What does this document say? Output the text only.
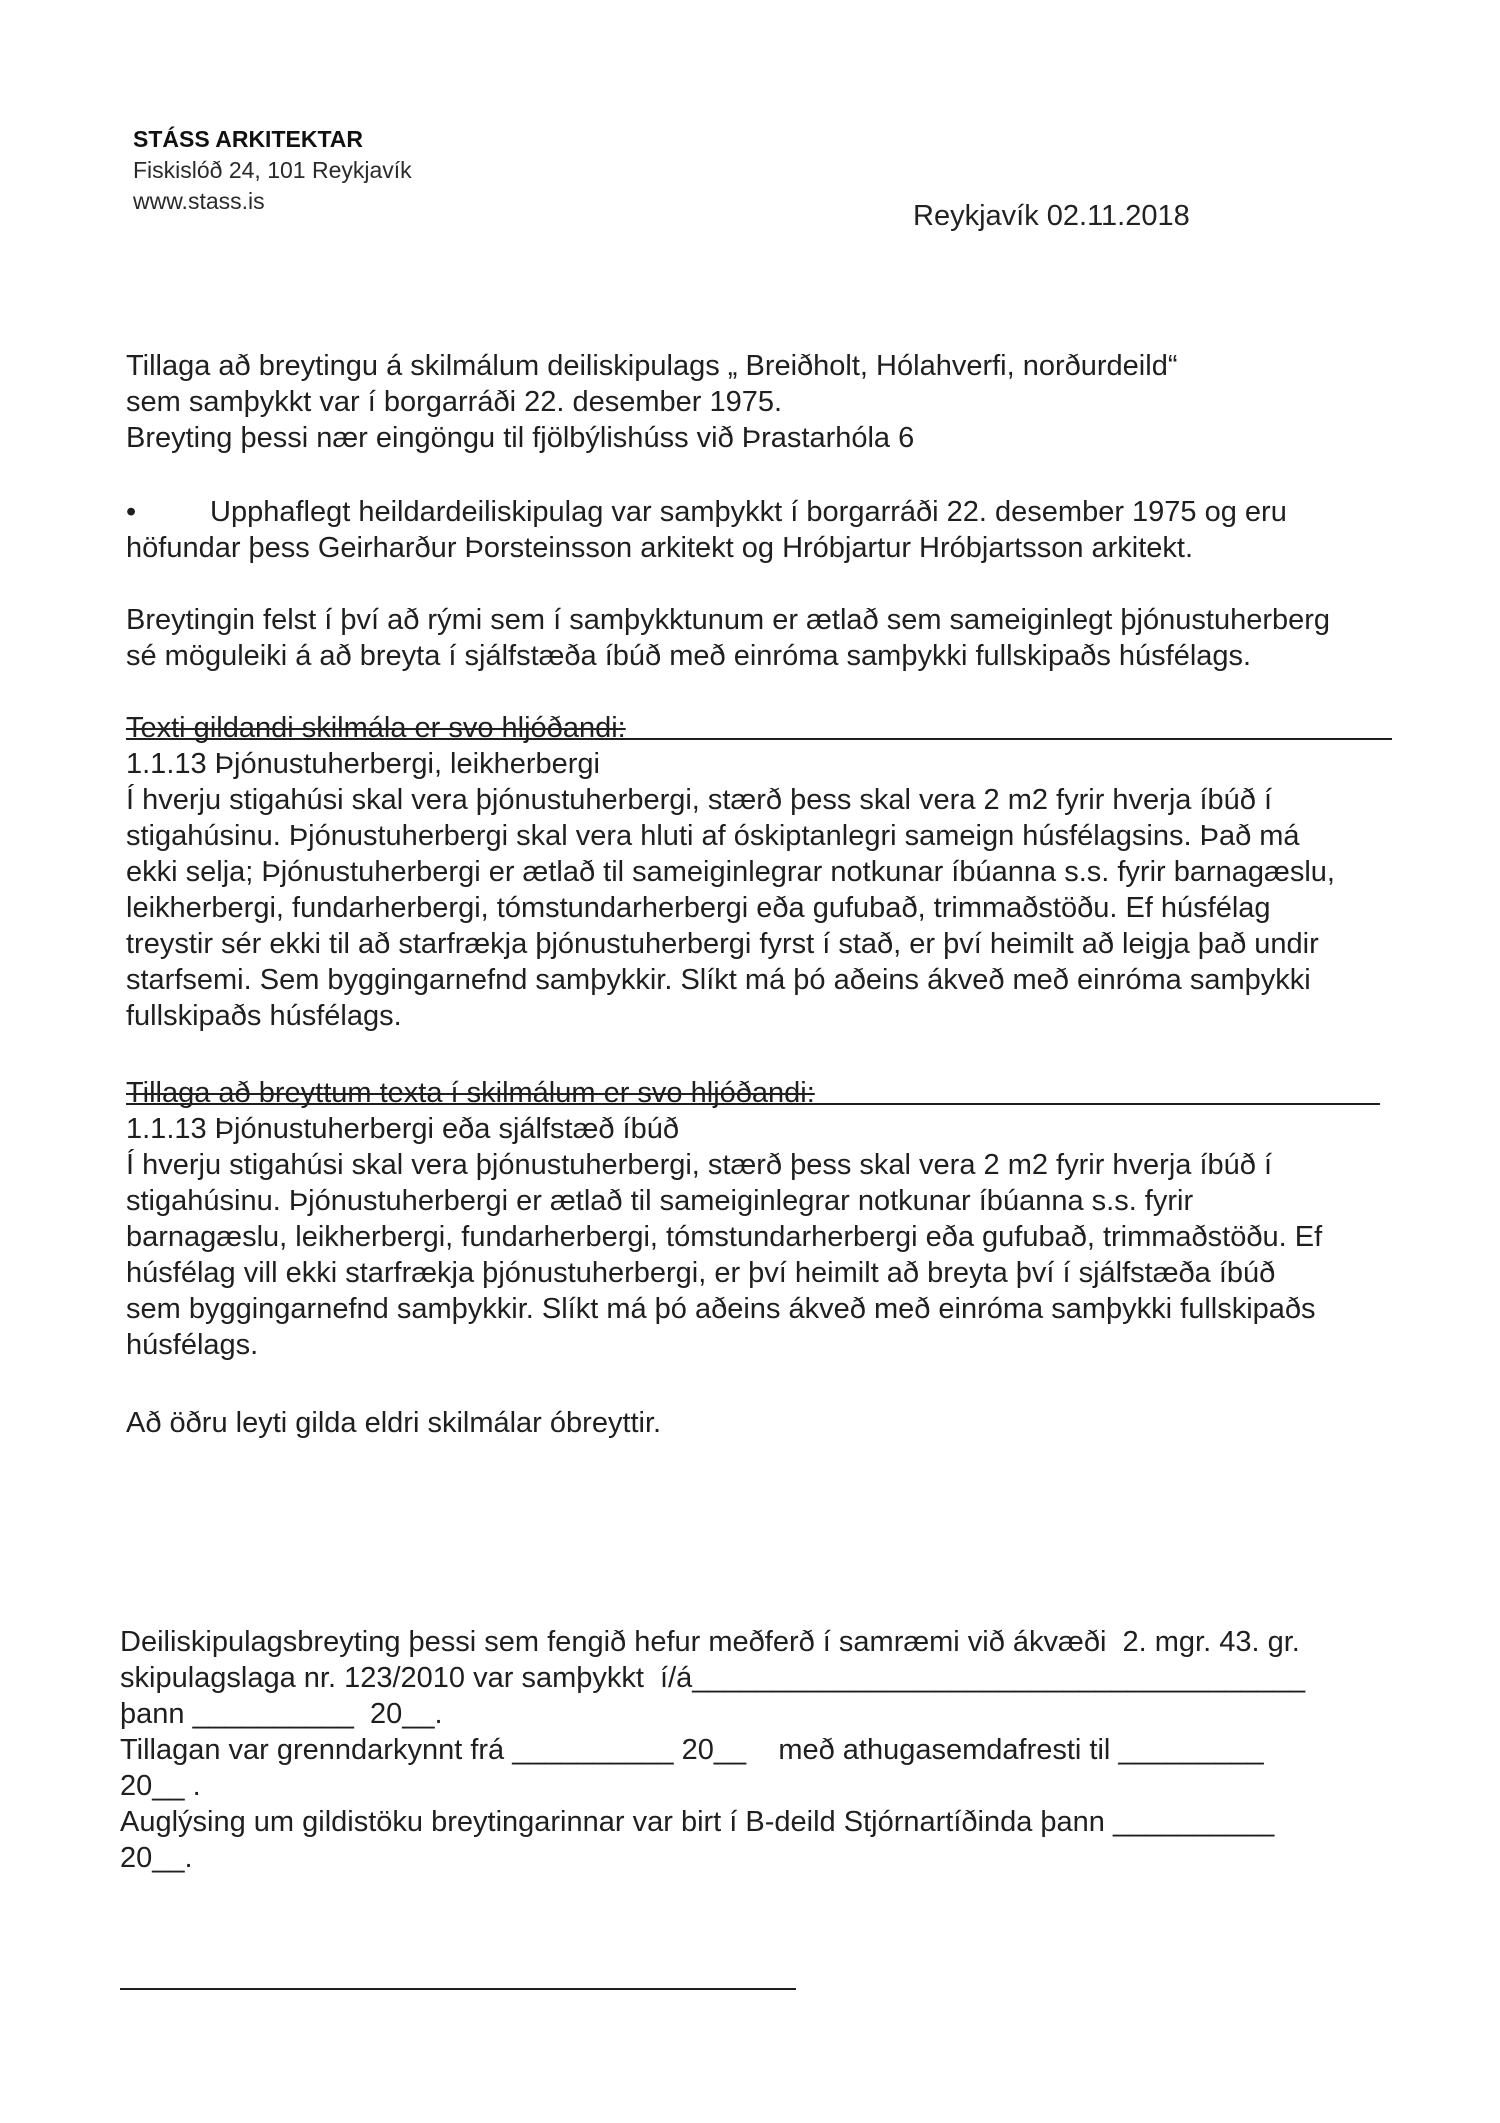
STÁSS ARKITEKTAR
Fiskislóð 24, 101 Reykjavík
www.stass.is	Reykjavík 02.11.2018

Tillaga að breytingu á skilmálum deiliskipulags „ Breiðholt, Hólahverfi, norðurdeild“

sem samþykkt var í borgarráði 22. desember 1975.

Breyting þessi nær eingöngu til fjölbýlishúss við Þrastarhóla 6

•	Upphaflegt heildardeiliskipulag var samþykkt í borgarráði 22. desember 1975 og eru

höfundar þess Geirharður Þorsteinsson arkitekt og Hróbjartur Hróbjartsson arkitekt.

Breytingin felst í því að rými sem í samþykktunum er ætlað sem sameiginlegt þjónustuherberg

sé möguleiki á að breyta í sjálfstæða íbúð með einróma samþykki fullskipaðs húsfélags.

Texti gildandi skilmála er svo hljóðandi:

1.1.13 Þjónustuherbergi, leikherbergi

Í hverju stigahúsi skal vera þjónustuherbergi, stærð þess skal vera 2 m2 fyrir hverja íbúð í

stigahúsinu. Þjónustuherbergi skal vera hluti af óskiptanlegri sameign húsfélagsins. Það má

ekki selja; Þjónustuherbergi er ætlað til sameiginlegrar notkunar íbúanna s.s. fyrir barnagæslu,

leikherbergi, fundarherbergi, tómstundarherbergi eða gufubað, trimmaðstöðu. Ef húsfélag

treystir sér ekki til að starfrækja þjónustuherbergi fyrst í stað, er því heimilt að leigja það undir

starfsemi. Sem byggingarnefnd samþykkir. Slíkt má þó aðeins ákveð með einróma samþykki

fullskipaðs húsfélags.

Tillaga að breyttum texta í skilmálum er svo hljóðandi:

1.1.13 Þjónustuherbergi eða sjálfstæð íbúð

Í hverju stigahúsi skal vera þjónustuherbergi, stærð þess skal vera 2 m2 fyrir hverja íbúð í

stigahúsinu. Þjónustuherbergi er ætlað til sameiginlegrar notkunar íbúanna s.s. fyrir

barnagæslu, leikherbergi, fundarherbergi, tómstundarherbergi eða gufubað, trimmaðstöðu. Ef

húsfélag vill ekki starfrækja þjónustuherbergi, er því heimilt að breyta því í sjálfstæða íbúð

sem byggingarnefnd samþykkir. Slíkt má þó aðeins ákveð með einróma samþykki fullskipaðs

húsfélags.

Að öðru leyti gilda eldri skilmálar óbreyttir.

Deiliskipulagsbreyting þessi sem fengið hefur meðferð í samræmi við ákvæði  2. mgr. 43. gr.

skipulagslaga nr. 123/2010 var samþykkt  í/á______________________________________

þann __________  20__.

Tillagan var grenndarkynnt frá __________ 20__    með athugasemdafresti til _________

20__ .

Auglýsing um gildistöku breytingarinnar var birt í B-deild Stjórnartíðinda þann __________

20__.
